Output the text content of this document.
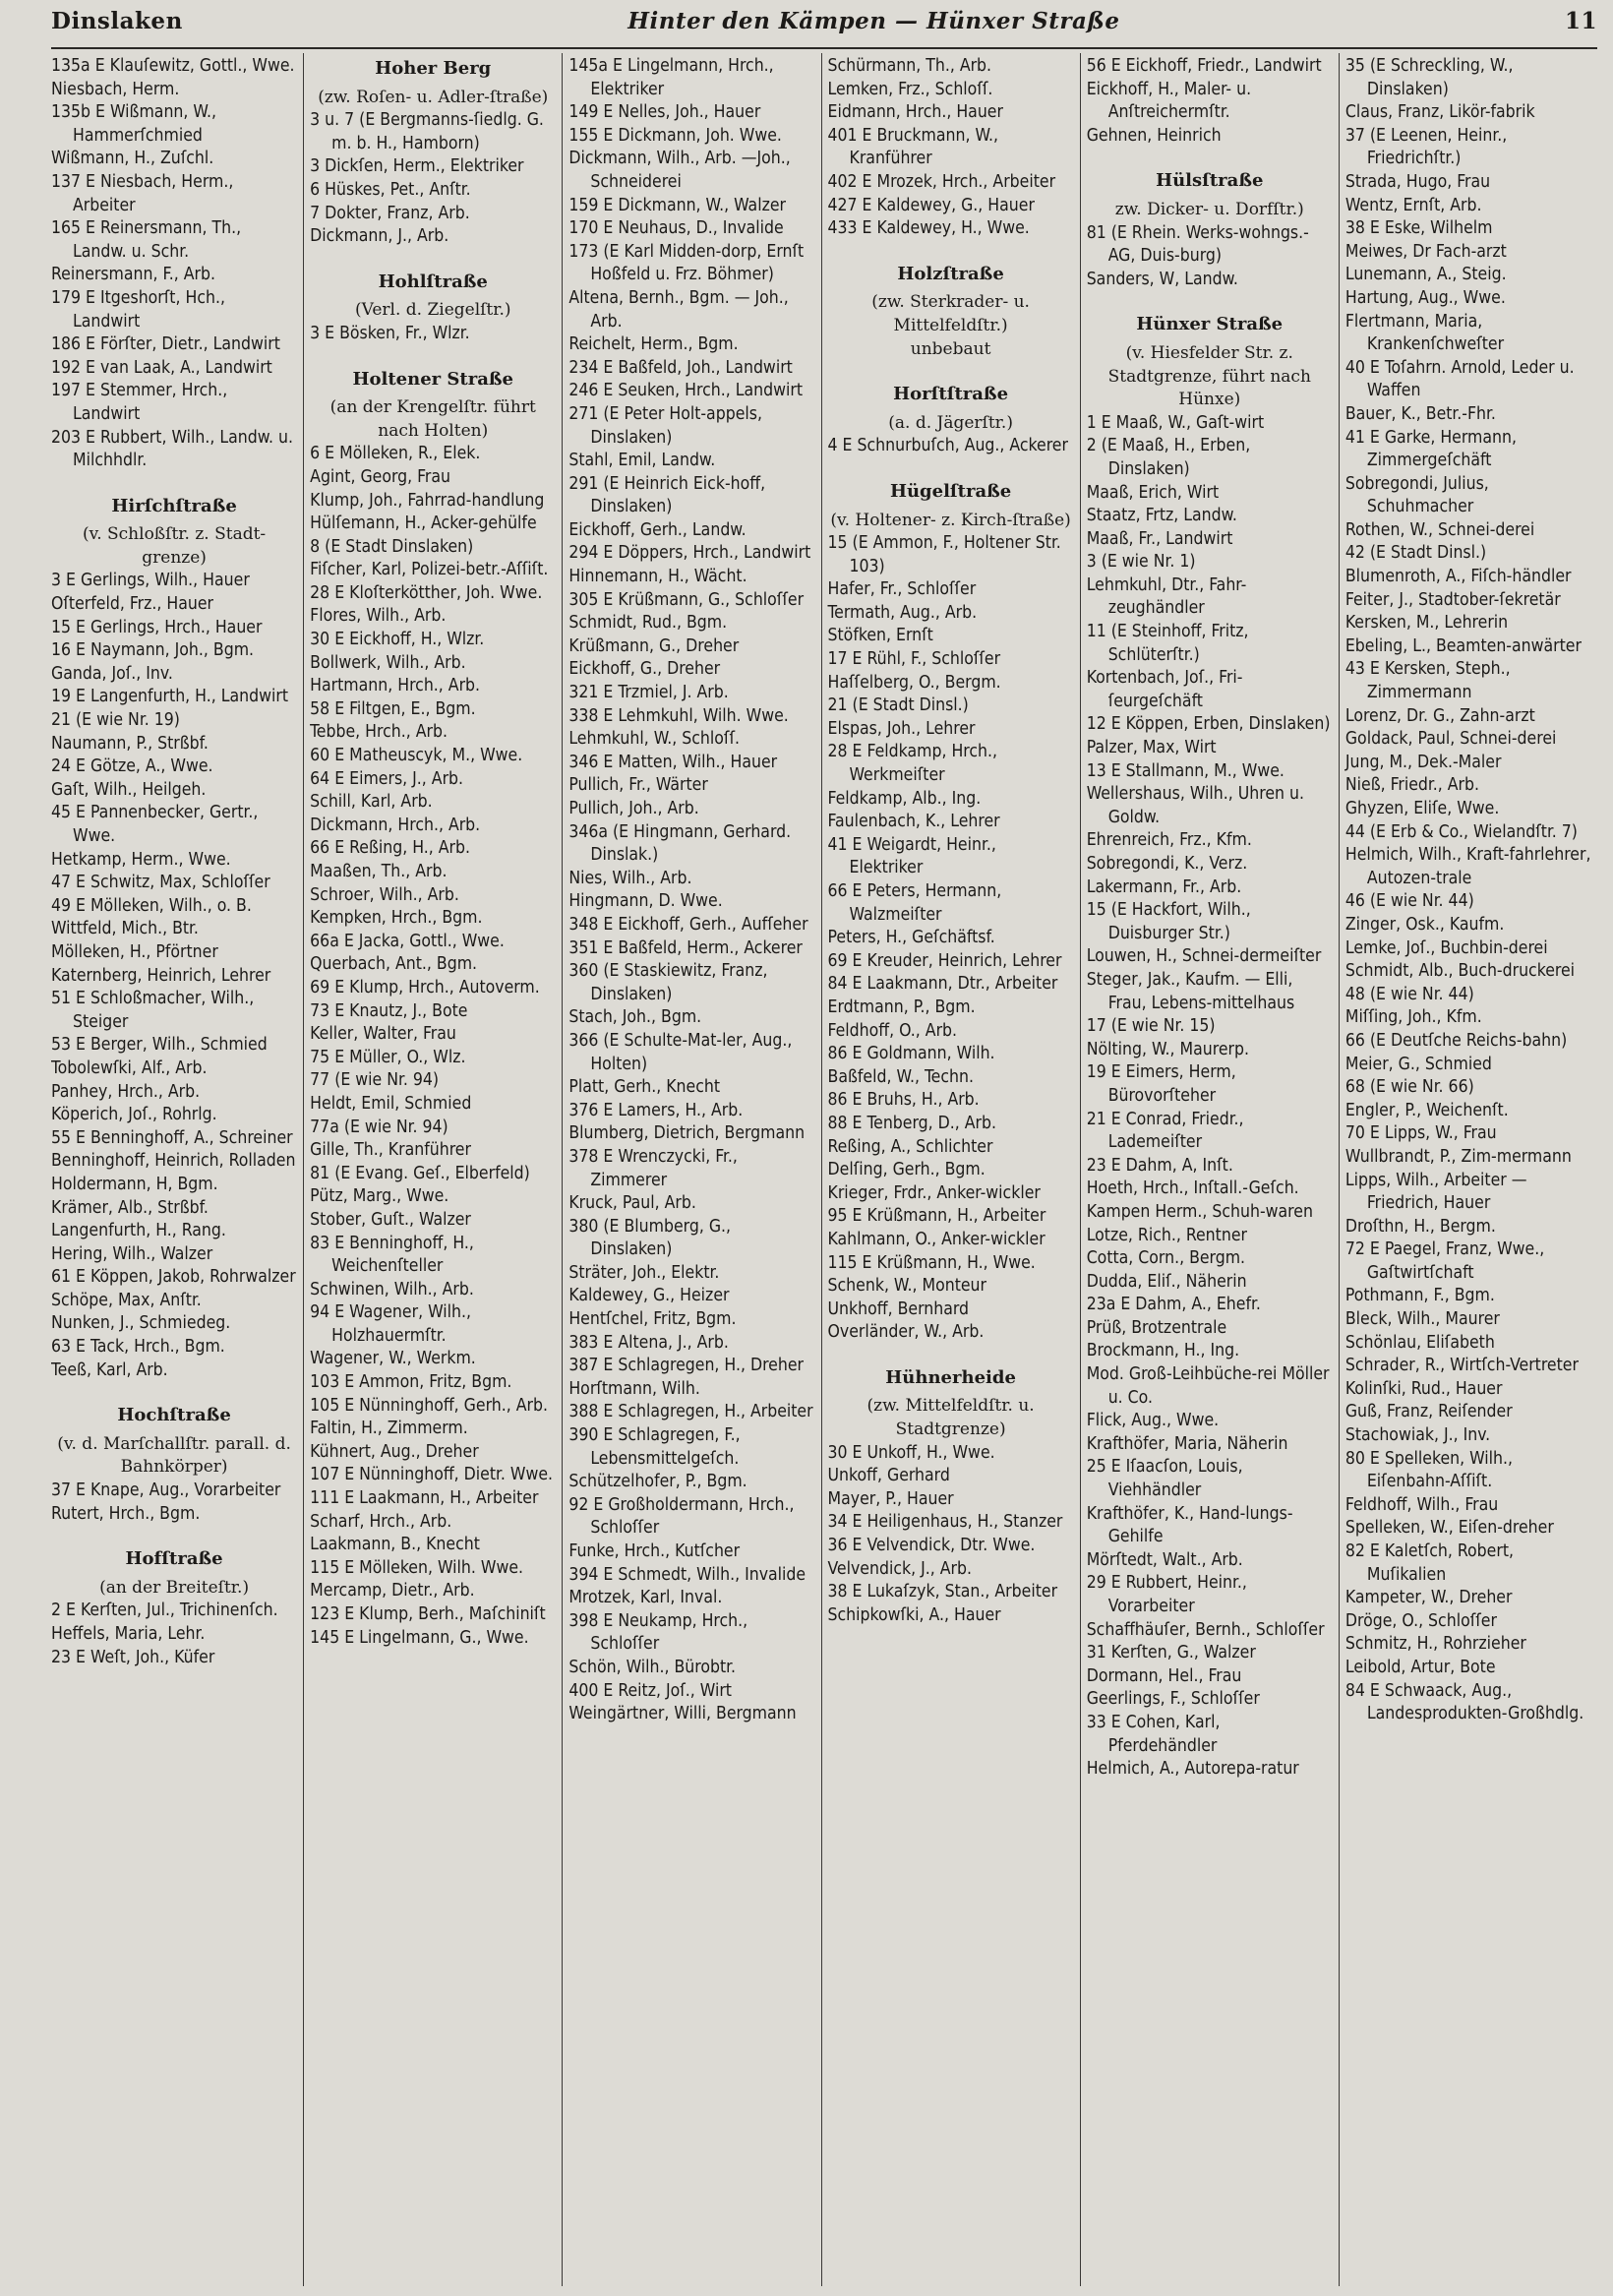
Dinslaken	Hinter den Kämpen — Hünxer Straße	11
135a E Klauſewitz, Gottl., Wwe.
Niesbach, Herm.
135b E Wißmann, W., Hammerſchmied
Wißmann, H., Zuſchl.
137 E Niesbach, Herm., Arbeiter
165 E Reinersmann, Th., Landw. u. Schr.
Reinersmann, F., Arb.
179 E Itgeshorſt, Hch., Landwirt
186 E Förſter, Dietr., Landwirt
192 E van Laak, A., Landwirt
197 E Stemmer, Hrch., Landwirt
203 E Rubbert, Wilh., Landw. u. Milchhdlr.
Hirſchſtraße
(v. Schloßſtr. z. Stadt-grenze)
3 E Gerlings, Wilh., Hauer
Oſterfeld, Frz., Hauer
15 E Gerlings, Hrch., Hauer
16 E Naymann, Joh., Bgm.
Ganda, Joſ., Inv.
19 E Langenfurth, H., Landwirt
21 (E wie Nr. 19)
Naumann, P., Strßbf.
24 E Götze, A., Wwe.
Gaſt, Wilh., Heilgeh.
45 E Pannenbecker, Gertr., Wwe.
Hetkamp, Herm., Wwe.
47 E Schwitz, Max, Schloſſer
49 E Mölleken, Wilh., o. B.
Wittfeld, Mich., Btr.
Mölleken, H., Pförtner
Katernberg, Heinrich, Lehrer
51 E Schloßmacher, Wilh., Steiger
53 E Berger, Wilh., Schmied
Tobolewſki, Alf., Arb.
Panhey, Hrch., Arb.
Köperich, Joſ., Rohrlg.
55 E Benninghoff, A., Schreiner
Benninghoff, Heinrich, Rolladen
Holdermann, H, Bgm.
Krämer, Alb., Strßbf.
Langenfurth, H., Rang.
Hering, Wilh., Walzer
61 E Köppen, Jakob, Rohrwalzer
Schöpe, Max, Anſtr.
Nunken, J., Schmiedeg.
63 E Tack, Hrch., Bgm.
Teeß, Karl, Arb.
Hochſtraße
(v. d. Marſchallſtr. parall. d. Bahnkörper)
37 E Knape, Aug., Vorarbeiter
Rutert, Hrch., Bgm.
Hofſtraße
(an der Breiteſtr.)
2 E Kerſten, Jul., Trichinenſch.
Heffels, Maria, Lehr.
23 E Weſt, Joh., Küfer
Hoher Berg
(zw. Roſen- u. Adler-ſtraße)
3 u. 7 (E Bergmanns-ſiedlg. G. m. b. H., Hamborn)
3 Dickſen, Herm., Elektriker
6 Hüskes, Pet., Anſtr.
7 Dokter, Franz, Arb.
Dickmann, J., Arb.
Hohlſtraße
(Verl. d. Ziegelſtr.)
3 E Bösken, Fr., Wlzr.
Holtener Straße
(an der Krengelſtr. führt nach Holten)
6 E Mölleken, R., Elek.
Agint, Georg, Frau
Klump, Joh., Fahrrad-handlung
Hülſemann, H., Acker-gehülfe
8 (E Stadt Dinslaken)
Fiſcher, Karl, Polizei-betr.-Aſſiſt.
28 E Kloſterkötther, Joh. Wwe.
Flores, Wilh., Arb.
30 E Eickhoff, H., Wlzr.
Bollwerk, Wilh., Arb.
Hartmann, Hrch., Arb.
58 E Filtgen, E., Bgm.
Tebbe, Hrch., Arb.
60 E Matheuscyk, M., Wwe.
64 E Eimers, J., Arb.
Schill, Karl, Arb.
Dickmann, Hrch., Arb.
66 E Reßing, H., Arb.
Maaßen, Th., Arb.
Schroer, Wilh., Arb.
Kempken, Hrch., Bgm.
66a E Jacka, Gottl., Wwe.
Querbach, Ant., Bgm.
69 E Klump, Hrch., Autoverm.
73 E Knautz, J., Bote
Keller, Walter, Frau
75 E Müller, O., Wlz.
77 (E wie Nr. 94)
Heldt, Emil, Schmied
77a (E wie Nr. 94)
Gille, Th., Kranführer
81 (E Evang. Geſ., Elberfeld)
Pütz, Marg., Wwe.
Stober, Guſt., Walzer
83 E Benninghoff, H., Weichenſteller
Schwinen, Wilh., Arb.
94 E Wagener, Wilh., Holzhauermſtr.
Wagener, W., Werkm.
103 E Ammon, Fritz, Bgm.
105 E Nünninghoff, Gerh., Arb.
Faltin, H., Zimmerm.
Kühnert, Aug., Dreher
107 E Nünninghoff, Dietr. Wwe.
111 E Laakmann, H., Arbeiter
Scharf, Hrch., Arb.
Laakmann, B., Knecht
115 E Mölleken, Wilh. Wwe.
Mercamp, Dietr., Arb.
123 E Klump, Berh., Maſchiniſt
145 E Lingelmann, G., Wwe.
145a E Lingelmann, Hrch., Elektriker
149 E Nelles, Joh., Hauer
155 E Dickmann, Joh. Wwe.
Dickmann, Wilh., Arb. —Joh., Schneiderei
159 E Dickmann, W., Walzer
170 E Neuhaus, D., Invalide
173 (E Karl Midden-dorp, Ernſt Hoßfeld u. Frz. Böhmer)
Altena, Bernh., Bgm. — Joh., Arb.
Reichelt, Herm., Bgm.
234 E Baßfeld, Joh., Landwirt
246 E Seuken, Hrch., Landwirt
271 (E Peter Holt-appels, Dinslaken)
Stahl, Emil, Landw.
291 (E Heinrich Eick-hoff, Dinslaken)
Eickhoff, Gerh., Landw.
294 E Döppers, Hrch., Landwirt
Hinnemann, H., Wächt.
305 E Krüßmann, G., Schloſſer
Schmidt, Rud., Bgm.
Krüßmann, G., Dreher
Eickhoff, G., Dreher
321 E Trzmiel, J. Arb.
338 E Lehmkuhl, Wilh. Wwe.
Lehmkuhl, W., Schloſſ.
346 E Matten, Wilh., Hauer
Pullich, Fr., Wärter
Pullich, Joh., Arb.
346a (E Hingmann, Gerhard. Dinslak.)
Nies, Wilh., Arb.
Hingmann, D. Wwe.
348 E Eickhoff, Gerh., Aufſeher
351 E Baßfeld, Herm., Ackerer
360 (E Staskiewitz, Franz, Dinslaken)
Stach, Joh., Bgm.
366 (E Schulte-Mat-ler, Aug., Holten)
Platt, Gerh., Knecht
376 E Lamers, H., Arb.
Blumberg, Dietrich, Bergmann
378 E Wrenczycki, Fr., Zimmerer
Kruck, Paul, Arb.
380 (E Blumberg, G., Dinslaken)
Sträter, Joh., Elektr.
Kaldewey, G., Heizer
Hentſchel, Fritz, Bgm.
383 E Altena, J., Arb.
387 E Schlagregen, H., Dreher
Horſtmann, Wilh.
388 E Schlagregen, H., Arbeiter
390 E Schlagregen, F., Lebensmittelgeſch.
Schützelhofer, P., Bgm.
92 E Großholdermann, Hrch., Schloſſer
Funke, Hrch., Kutſcher
394 E Schmedt, Wilh., Invalide
Mrotzek, Karl, Inval.
398 E Neukamp, Hrch., Schloſſer
Schön, Wilh., Bürobtr.
400 E Reitz, Joſ., Wirt
Weingärtner, Willi, Bergmann
Schürmann, Th., Arb.
Lemken, Frz., Schloſſ.
Eidmann, Hrch., Hauer
401 E Bruckmann, W., Kranführer
402 E Mrozek, Hrch., Arbeiter
427 E Kaldewey, G., Hauer
433 E Kaldewey, H., Wwe.
Holzſtraße
(zw. Sterkrader- u. Mittelfeldſtr.)
unbebaut
Horſtſtraße
(a. d. Jägerſtr.)
4 E Schnurbuſch, Aug., Ackerer
Hügelſtraße
(v. Holtener- z. Kirch-ſtraße)
15 (E Ammon, F., Holtener Str. 103)
Hafer, Fr., Schloſſer
Termath, Aug., Arb.
Stöfken, Ernſt
17 E Rühl, F., Schloſſer
Haſſelberg, O., Bergm.
21 (E Stadt Dinsl.)
Elspas, Joh., Lehrer
28 E Feldkamp, Hrch., Werkmeiſter
Feldkamp, Alb., Ing.
Faulenbach, K., Lehrer
41 E Weigardt, Heinr., Elektriker
66 E Peters, Hermann, Walzmeiſter
Peters, H., Geſchäftsf.
69 E Kreuder, Heinrich, Lehrer
84 E Laakmann, Dtr., Arbeiter
Erdtmann, P., Bgm.
Feldhoff, O., Arb.
86 E Goldmann, Wilh.
Baßfeld, W., Techn.
86 E Bruhs, H., Arb.
88 E Tenberg, D., Arb.
Reßing, A., Schlichter
Delſing, Gerh., Bgm.
Krieger, Frdr., Anker-wickler
95 E Krüßmann, H., Arbeiter
Kahlmann, O., Anker-wickler
115 E Krüßmann, H., Wwe.
Schenk, W., Monteur
Unkhoff, Bernhard
Overländer, W., Arb.
Hühnerheide
(zw. Mittelfeldſtr. u. Stadtgrenze)
30 E Unkoff, H., Wwe.
Unkoff, Gerhard
Mayer, P., Hauer
34 E Heiligenhaus, H., Stanzer
36 E Velvendick, Dtr. Wwe.
Velvendick, J., Arb.
38 E Lukaſzyk, Stan., Arbeiter
Schipkowſki, A., Hauer
56 E Eickhoff, Friedr., Landwirt
Eickhoff, H., Maler- u. Anſtreichermſtr.
Gehnen, Heinrich
Hülsſtraße
zw. Dicker- u. Dorfſtr.)
81 (E Rhein. Werks-wohngs.-AG, Duis-burg)
Sanders, W, Landw.
Hünxer Straße
(v. Hiesfelder Str. z. Stadtgrenze, führt nach Hünxe)
1 E Maaß, W., Gaſt-wirt
2 (E Maaß, H., Erben, Dinslaken)
Maaß, Erich, Wirt
Staatz, Frtz, Landw.
Maaß, Fr., Landwirt
3 (E wie Nr. 1)
Lehmkuhl, Dtr., Fahr-zeughändler
11 (E Steinhoff, Fritz, Schlüterſtr.)
Kortenbach, Joſ., Fri-ſeurgeſchäft
12 E Köppen, Erben, Dinslaken)
Palzer, Max, Wirt
13 E Stallmann, M., Wwe.
Wellershaus, Wilh., Uhren u. Goldw.
Ehrenreich, Frz., Kfm.
Sobregondi, K., Verz.
Lakermann, Fr., Arb.
15 (E Hackfort, Wilh., Duisburger Str.)
Louwen, H., Schnei-dermeiſter
Steger, Jak., Kaufm. — Elli, Frau, Lebens-mittelhaus
17 (E wie Nr. 15)
Nölting, W., Maurerp.
19 E Eimers, Herm, Bürovorſteher
21 E Conrad, Friedr., Lademeiſter
23 E Dahm, A, Inſt.
Hoeth, Hrch., Inſtall.-Geſch.
Kampen Herm., Schuh-waren
Lotze, Rich., Rentner
Cotta, Corn., Bergm.
Dudda, Eliſ., Näherin
23a E Dahm, A., Ehefr.
Prüß, Brotzentrale
Brockmann, H., Ing.
Mod. Groß-Leihbüche-rei Möller u. Co.
Flick, Aug., Wwe.
Krafthöfer, Maria, Näherin
25 E Iſaacſon, Louis, Viehhändler
Krafthöfer, K., Hand-lungs-Gehilfe
Mörſtedt, Walt., Arb.
29 E Rubbert, Heinr., Vorarbeiter
Schaffhäuſer, Bernh., Schloſſer
31 Kerſten, G., Walzer
Dormann, Hel., Frau
Geerlings, F., Schloſſer
33 E Cohen, Karl, Pferdehändler
Helmich, A., Autorepa-ratur
35 (E Schreckling, W., Dinslaken)
Claus, Franz, Likör-fabrik
37 (E Leenen, Heinr., Friedrichſtr.)
Strada, Hugo, Frau
Wentz, Ernſt, Arb.
38 E Eske, Wilhelm
Meiwes, Dr Fach-arzt
Lunemann, A., Steig.
Hartung, Aug., Wwe.
Flertmann, Maria, Krankenſchweſter
40 E Toſahrn. Arnold, Leder u. Waffen
Bauer, K., Betr.-Fhr.
41 E Garke, Hermann, Zimmergeſchäft
Sobregondi, Julius, Schuhmacher
Rothen, W., Schnei-derei
42 (E Stadt Dinsl.)
Blumenroth, A., Fiſch-händler
Feiter, J., Stadtober-ſekretär
Kersken, M., Lehrerin
Ebeling, L., Beamten-anwärter
43 E Kersken, Steph., Zimmermann
Lorenz, Dr. G., Zahn-arzt
Goldack, Paul, Schnei-derei
Jung, M., Dek.-Maler
Nieß, Friedr., Arb.
Ghyzen, Eliſe, Wwe.
44 (E Erb & Co., Wielandſtr. 7)
Helmich, Wilh., Kraft-fahrlehrer, Autozen-trale
46 (E wie Nr. 44)
Zinger, Osk., Kaufm.
Lemke, Joſ., Buchbin-derei
Schmidt, Alb., Buch-druckerei
48 (E wie Nr. 44)
Miſſing, Joh., Kfm.
66 (E Deutſche Reichs-bahn)
Meier, G., Schmied
68 (E wie Nr. 66)
Engler, P., Weichenſt.
70 E Lipps, W., Frau
Wullbrandt, P., Zim-mermann
Lipps, Wilh., Arbeiter —Friedrich, Hauer
Droſthn, H., Bergm.
72 E Paegel, Franz, Wwe., Gaſtwirtſchaft
Pothmann, F., Bgm.
Bleck, Wilh., Maurer
Schönlau, Eliſabeth
Schrader, R., Wirtſch-Vertreter
Kolinſki, Rud., Hauer
Guß, Franz, Reiſender
Stachowiak, J., Inv.
80 E Spelleken, Wilh., Eiſenbahn-Aſſiſt.
Feldhoff, Wilh., Frau
Spelleken, W., Eiſen-dreher
82 E Kaletſch, Robert, Muſikalien
Kampeter, W., Dreher
Dröge, O., Schloſſer
Schmitz, H., Rohrzieher
Leibold, Artur, Bote
84 E Schwaack, Aug., Landesprodukten-Großhdlg.
